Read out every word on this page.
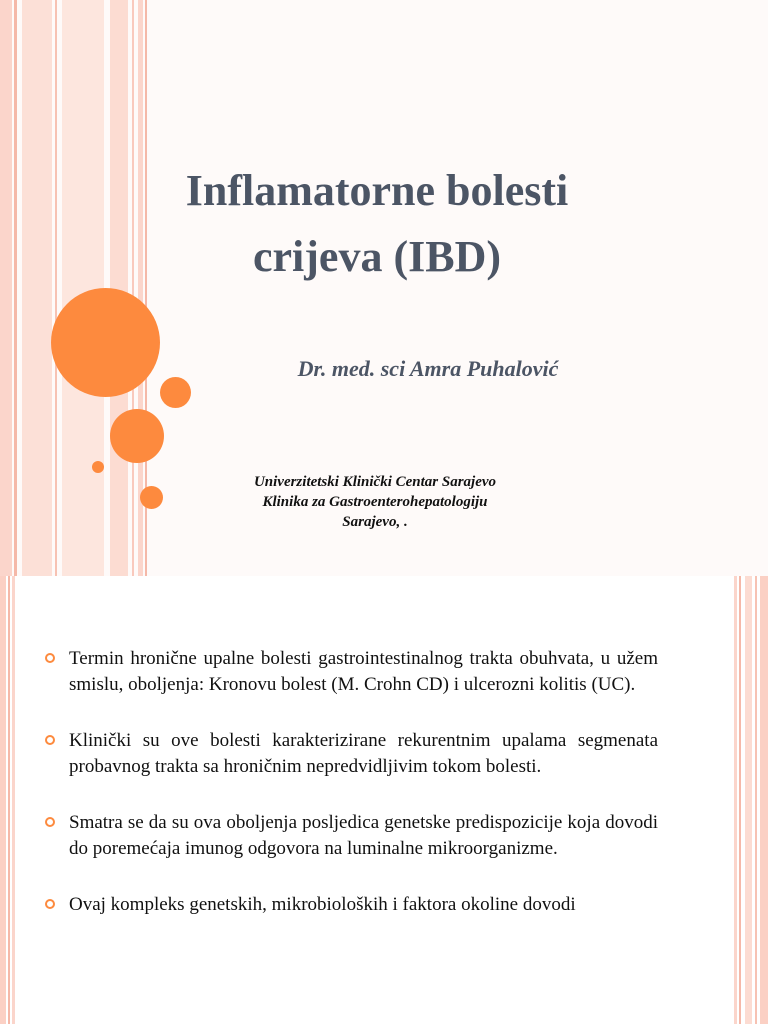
Inflamatorne bolesti
crijeva (IBD)

Dr. med. sci Amra Puhalović

Univerzitetski Klinički Centar Sarajevo
Klinika za Gastroenterohepatologiju
Sarajevo, .

Termin hronične upalne bolesti gastrointestinalnog trakta obuhvata, u užem smislu, oboljenja: Kronovu bolest (M. Crohn CD) i ulcerozni kolitis (UC).
Klinički su ove bolesti karakterizirane rekurentnim upalama segmenata probavnog trakta sa hroničnim nepredvidljivim tokom bolesti.
Smatra se da su ova oboljenja posljedica genetske predispozicije koja dovodi do poremećaja imunog odgovora na luminalne mikroorganizme.
Ovaj kompleks genetskih, mikrobioloških i faktora okoline dovodi
